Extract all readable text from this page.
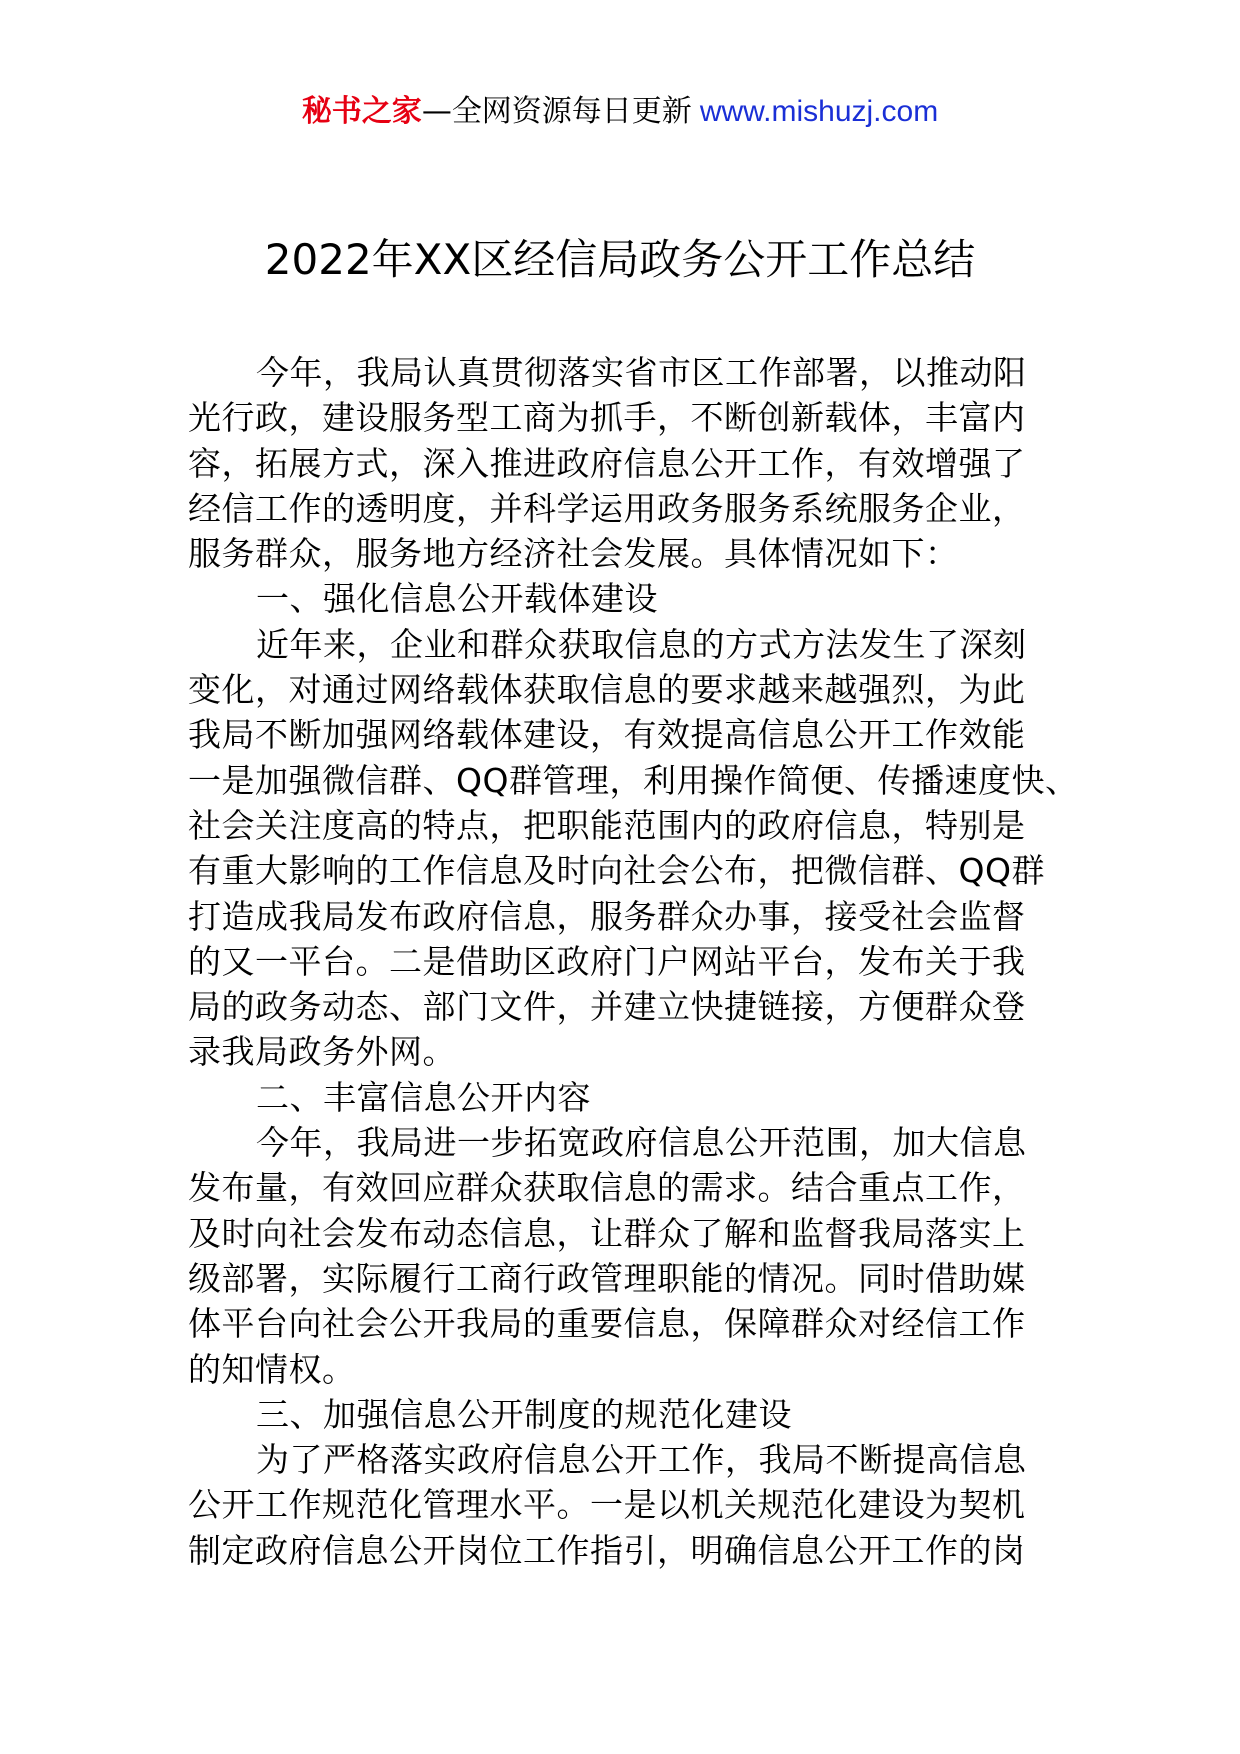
秘书之家—全网资源每日更新 www.mishuzj.com
2022年XX区经信局政务公开工作总结
今年，我局认真贯彻落实省市区工作部署，以推动阳
光行政，建设服务型工商为抓手，不断创新载体，丰富内
容，拓展方式，深入推进政府信息公开工作，有效增强了
经信工作的透明度，并科学运用政务服务系统服务企业，
服务群众，服务地方经济社会发展。具体情况如下：
一、强化信息公开载体建设
近年来，企业和群众获取信息的方式方法发生了深刻
变化，对通过网络载体获取信息的要求越来越强烈，为此
我局不断加强网络载体建设，有效提高信息公开工作效能
一是加强微信群、QQ群管理，利用操作简便、传播速度快、
社会关注度高的特点，把职能范围内的政府信息，特别是
有重大影响的工作信息及时向社会公布，把微信群、QQ群
打造成我局发布政府信息，服务群众办事，接受社会监督
的又一平台。二是借助区政府门户网站平台，发布关于我
局的政务动态、部门文件，并建立快捷链接，方便群众登
录我局政务外网。
二、丰富信息公开内容
今年，我局进一步拓宽政府信息公开范围，加大信息
发布量，有效回应群众获取信息的需求。结合重点工作，
及时向社会发布动态信息，让群众了解和监督我局落实上
级部署，实际履行工商行政管理职能的情况。同时借助媒
体平台向社会公开我局的重要信息，保障群众对经信工作
的知情权。
三、加强信息公开制度的规范化建设
为了严格落实政府信息公开工作，我局不断提高信息
公开工作规范化管理水平。一是以机关规范化建设为契机
制定政府信息公开岗位工作指引，明确信息公开工作的岗
